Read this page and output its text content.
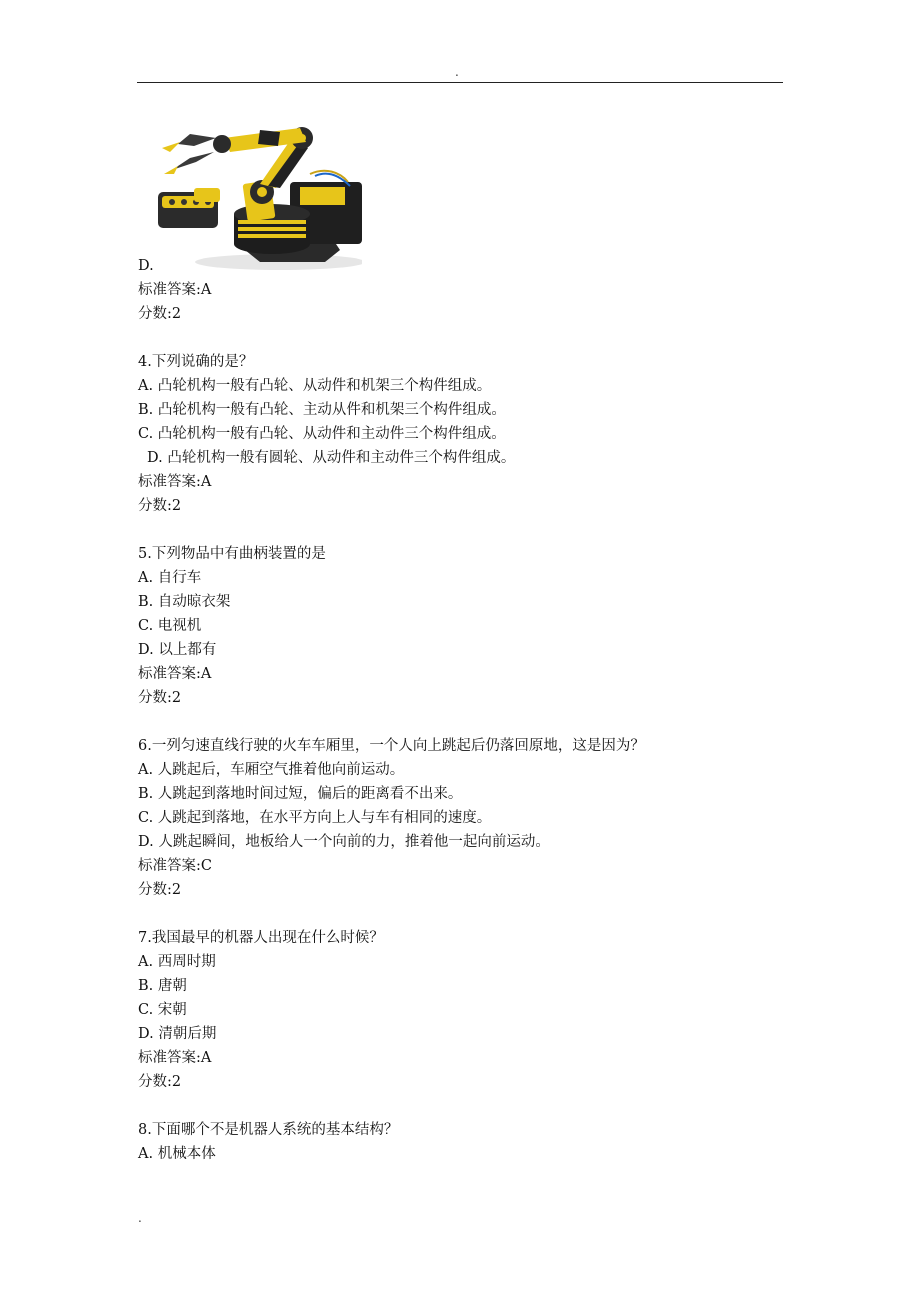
.
D.
标准答案:A
分数:2
4.下列说确的是？
A. 凸轮机构一般有凸轮、从动件和机架三个构件组成。
B. 凸轮机构一般有凸轮、主动从件和机架三个构件组成。
C. 凸轮机构一般有凸轮、从动件和主动件三个构件组成。
D. 凸轮机构一般有圆轮、从动件和主动件三个构件组成。
标准答案:A
分数:2
5.下列物品中有曲柄装置的是
A. 自行车
B. 自动晾衣架
C. 电视机
D. 以上都有
标准答案:A
分数:2
6.一列匀速直线行驶的火车车厢里，一个人向上跳起后仍落回原地，这是因为？
A. 人跳起后，车厢空气推着他向前运动。
B. 人跳起到落地时间过短，偏后的距离看不出来。
C. 人跳起到落地，在水平方向上人与车有相同的速度。
D. 人跳起瞬间，地板给人一个向前的力，推着他一起向前运动。
标准答案:C
分数:2
7.我国最早的机器人出现在什么时候？
A. 西周时期
B. 唐朝
C. 宋朝
D. 清朝后期
标准答案:A
分数:2
8.下面哪个不是机器人系统的基本结构？
A. 机械本体
.
